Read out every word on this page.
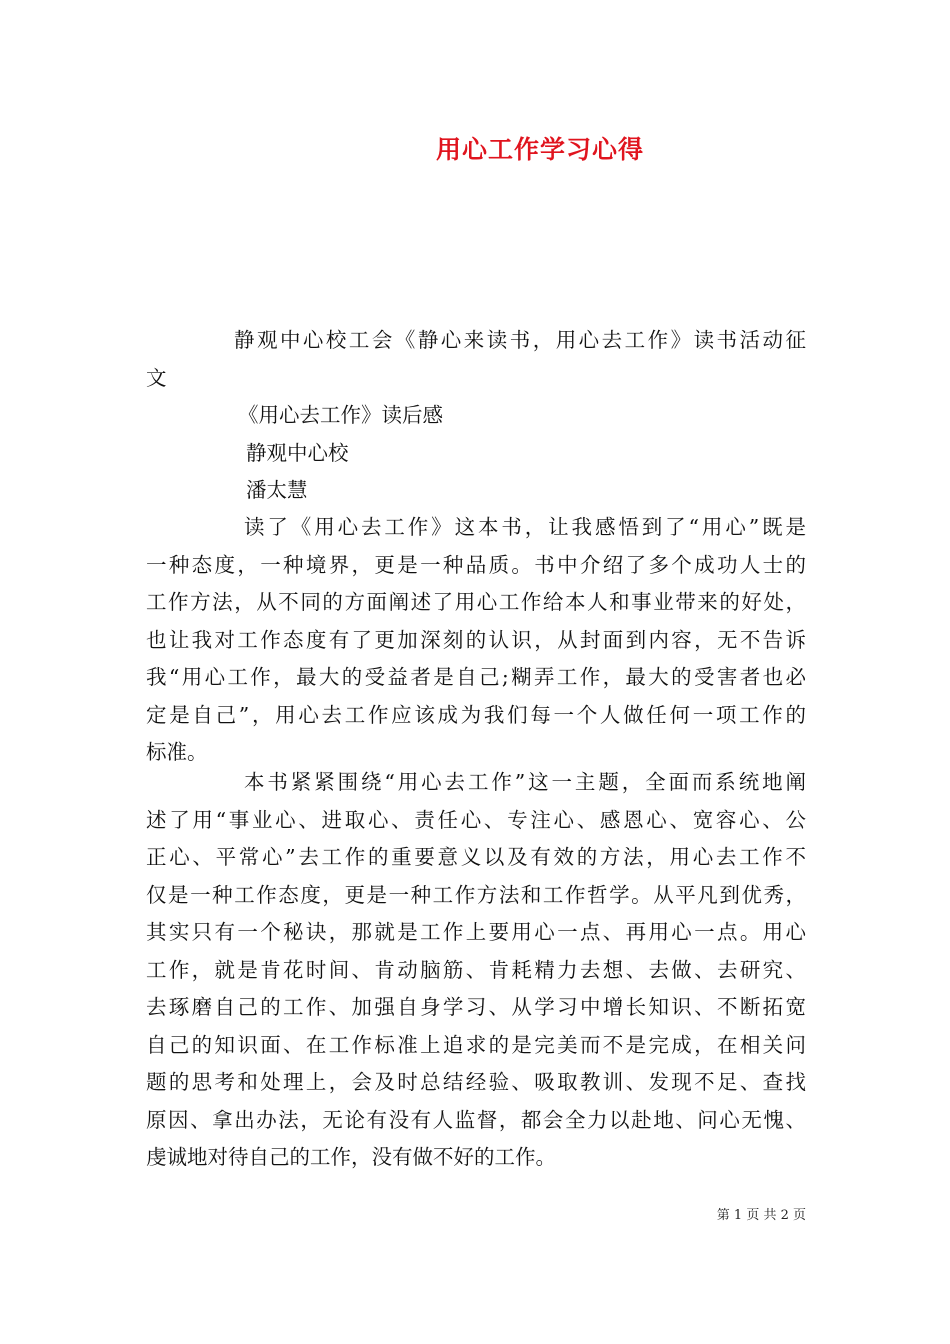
用心工作学习心得
静观中心校工会《静心来读书，用心去工作》读书活动征
文
《用心去工作》读后感
静观中心校
潘太慧
读了《用心去工作》这本书，让我感悟到了“用心”既是
一种态度，一种境界，更是一种品质。书中介绍了多个成功人士的
工作方法，从不同的方面阐述了用心工作给本人和事业带来的好处，
也让我对工作态度有了更加深刻的认识，从封面到内容，无不告诉
我“用心工作，最大的受益者是自己;糊弄工作，最大的受害者也必
定是自己”，用心去工作应该成为我们每一个人做任何一项工作的
标准。
本书紧紧围绕“用心去工作”这一主题，全面而系统地阐
述了用“事业心、进取心、责任心、专注心、感恩心、宽容心、公
正心、平常心”去工作的重要意义以及有效的方法，用心去工作不
仅是一种工作态度，更是一种工作方法和工作哲学。从平凡到优秀，
其实只有一个秘诀，那就是工作上要用心一点、再用心一点。用心
工作，就是肯花时间、肯动脑筋、肯耗精力去想、去做、去研究、
去琢磨自己的工作、加强自身学习、从学习中增长知识、不断拓宽
自己的知识面、在工作标准上追求的是完美而不是完成，在相关问
题的思考和处理上，会及时总结经验、吸取教训、发现不足、查找
原因、拿出办法，无论有没有人监督，都会全力以赴地、问心无愧、
虔诚地对待自己的工作，没有做不好的工作。
第 1 页 共 2 页
